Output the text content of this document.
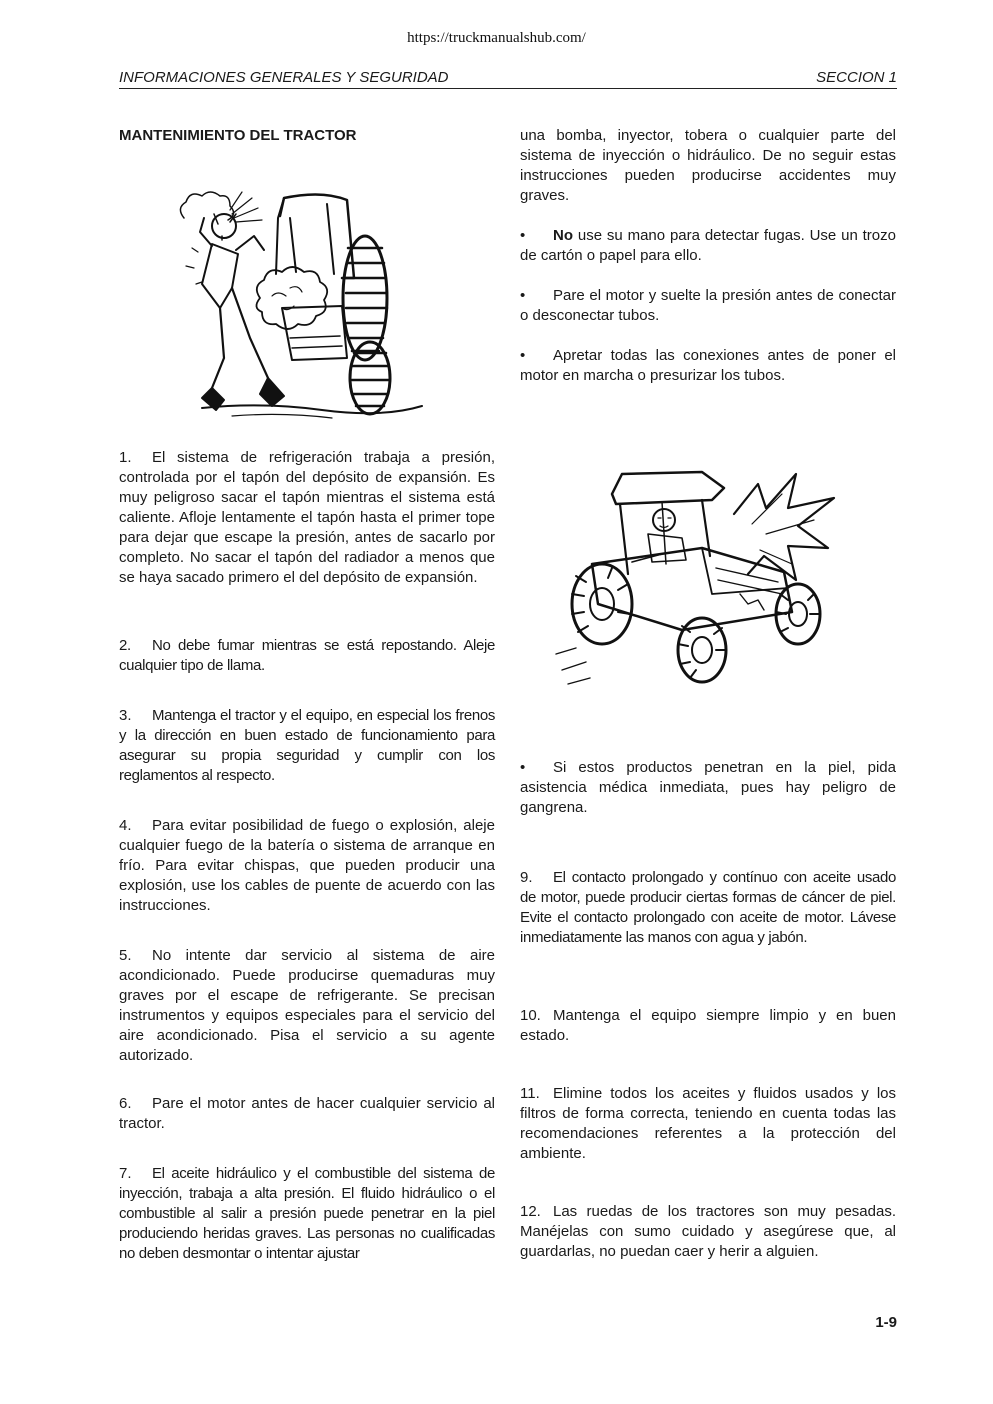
https://truckmanualshub.com/
INFORMACIONES GENERALES Y SEGURIDAD	SECCION 1

MANTENIMIENTO DEL TRACTOR

1. El sistema de refrigeración trabaja a presión, controlada por el tapón del depósito de expansión. Es muy peligroso sacar el tapón mientras el sistema está caliente. Afloje lentamente el tapón hasta el primer tope para dejar que escape la presión, antes de sacarlo por completo. No sacar el tapón del radiador a menos que se haya sacado primero el del depósito de expansión.

2. No debe fumar mientras se está repostando. Aleje cualquier tipo de llama.

3. Mantenga el tractor y el equipo, en especial los frenos y la dirección en buen estado de funcionamiento para asegurar su propia seguridad y cumplir con los reglamentos al respecto.

4. Para evitar posibilidad de fuego o explosión, aleje cualquier fuego de la batería o sistema de arranque en frío. Para evitar chispas, que pueden producir una explosión, use los cables de puente de acuerdo con las instrucciones.

5. No intente dar servicio al sistema de aire acondicionado. Puede producirse quemaduras muy graves por el escape de refrigerante. Se precisan instrumentos y equipos especiales para el servicio del aire acondicionado. Pisa el servicio a su agente autorizado.

6. Pare el motor antes de hacer cualquier servicio al tractor.

7. El aceite hidráulico y el combustible del sistema de inyección, trabaja a alta presión. El fluido hidráulico o el combustible al salir a presión puede penetrar en la piel produciendo heridas graves. Las personas no cualificadas no deben desmontar o intentar ajustar

una bomba, inyector, tobera o cualquier parte del sistema de inyección o hidráulico. De no seguir estas instrucciones pueden producirse accidentes muy graves.

• No use su mano para detectar fugas. Use un trozo de cartón o papel para ello.

• Pare el motor y suelte la presión antes de conectar o desconectar tubos.

• Apretar todas las conexiones antes de poner el motor en marcha o presurizar los tubos.

• Si estos productos penetran en la piel, pida asistencia médica inmediata, pues hay peligro de gangrena.

9. El contacto prolongado y contínuo con aceite usado de motor, puede producir ciertas formas de cáncer de piel. Evite el contacto prolongado con aceite de motor. Lávese inmediatamente las manos con agua y jabón.

10. Mantenga el equipo siempre limpio y en buen estado.

11. Elimine todos los aceites y fluidos usados y los filtros de forma correcta, teniendo en cuenta todas las recomendaciones referentes a la protección del ambiente.

12. Las ruedas de los tractores son muy pesadas. Manéjelas con sumo cuidado y asegúrese que, al guardarlas, no puedan caer y herir a alguien.

1-9
